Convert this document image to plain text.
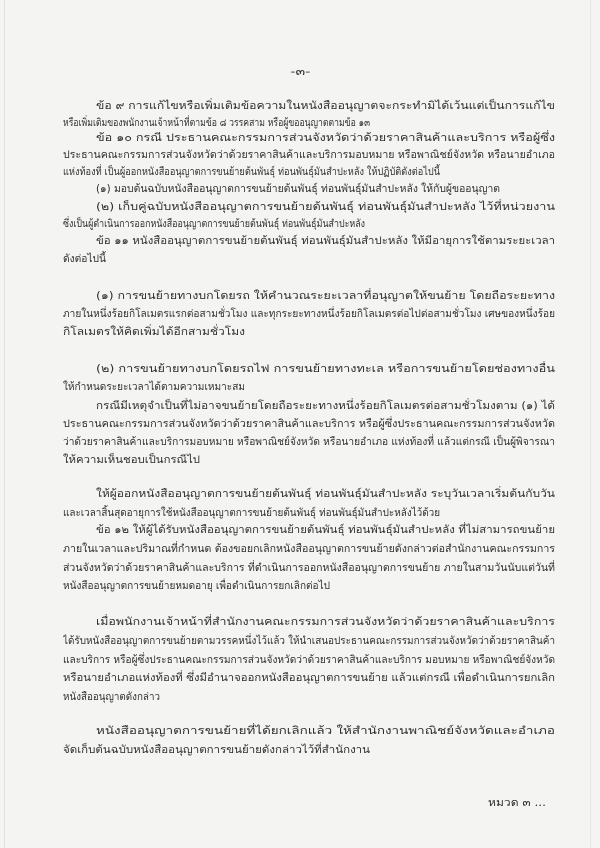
-๓-
ข้อ ๙ การแก้ไขหรือเพิ่มเติมข้อความในหนังสืออนุญาตจะกระทำมิได้เว้นแต่เป็นการแก้ไข
หรือเพิ่มเติมของพนักงานเจ้าหน้าที่ตามข้อ ๘ วรรคสาม หรือผู้ขออนุญาตตามข้อ ๑๓
ข้อ ๑๐ กรณี ประธานคณะกรรมการส่วนจังหวัดว่าด้วยราคาสินค้าและบริการ หรือผู้ซึ่ง
ประธานคณะกรรมการส่วนจังหวัดว่าด้วยราคาสินค้าและบริการมอบหมาย หรือพาณิชย์จังหวัด หรือนายอำเภอ
แห่งท้องที่ เป็นผู้ออกหนังสืออนุญาตการขนย้ายต้นพันธุ์ ท่อนพันธุ์มันสำปะหลัง ให้ปฏิบัติดังต่อไปนี้
(๑) มอบต้นฉบับหนังสืออนุญาตการขนย้ายต้นพันธุ์ ท่อนพันธุ์มันสำปะหลัง ให้กับผู้ขออนุญาต
(๒) เก็บคู่ฉบับหนังสืออนุญาตการขนย้ายต้นพันธุ์ ท่อนพันธุ์มันสำปะหลัง ไว้ที่หน่วยงาน
ซึ่งเป็นผู้ดำเนินการออกหนังสืออนุญาตการขนย้ายต้นพันธุ์ ท่อนพันธุ์มันสำปะหลัง
ข้อ ๑๑ หนังสืออนุญาตการขนย้ายต้นพันธุ์ ท่อนพันธุ์มันสำปะหลัง ให้มีอายุการใช้ตามระยะเวลา
ดังต่อไปนี้
(๑) การขนย้ายทางบกโดยรถ ให้คำนวณระยะเวลาที่อนุญาตให้ขนย้าย โดยถือระยะทาง
ภายในหนึ่งร้อยกิโลเมตรแรกต่อสามชั่วโมง และทุกระยะทางหนึ่งร้อยกิโลเมตรต่อไปต่อสามชั่วโมง เศษของหนึ่งร้อย
กิโลเมตรให้คิดเพิ่มได้อีกสามชั่วโมง
(๒) การขนย้ายทางบกโดยรถไฟ การขนย้ายทางทะเล หรือการขนย้ายโดยช่องทางอื่น
ให้กำหนดระยะเวลาได้ตามความเหมาะสม
กรณีมีเหตุจำเป็นที่ไม่อาจขนย้ายโดยถือระยะทางหนึ่งร้อยกิโลเมตรต่อสามชั่วโมงตาม (๑) ได้
ประธานคณะกรรมการส่วนจังหวัดว่าด้วยราคาสินค้าและบริการ หรือผู้ซึ่งประธานคณะกรรมการส่วนจังหวัด
ว่าด้วยราคาสินค้าและบริการมอบหมาย หรือพาณิชย์จังหวัด หรือนายอำเภอ แห่งท้องที่ แล้วแต่กรณี เป็นผู้พิจารณา
ให้ความเห็นชอบเป็นกรณีไป
ให้ผู้ออกหนังสืออนุญาตการขนย้ายต้นพันธุ์ ท่อนพันธุ์มันสำปะหลัง ระบุวันเวลาเริ่มต้นกับวัน
และเวลาสิ้นสุดอายุการใช้หนังสืออนุญาตการขนย้ายต้นพันธุ์ ท่อนพันธุ์มันสำปะหลังไว้ด้วย
ข้อ ๑๒ ให้ผู้ได้รับหนังสืออนุญาตการขนย้ายต้นพันธุ์ ท่อนพันธุ์มันสำปะหลัง ที่ไม่สามารถขนย้าย
ภายในเวลาและปริมาณที่กำหนด ต้องขอยกเลิกหนังสืออนุญาตการขนย้ายดังกล่าวต่อสำนักงานคณะกรรมการ
ส่วนจังหวัดว่าด้วยราคาสินค้าและบริการ ที่ดำเนินการออกหนังสืออนุญาตการขนย้าย ภายในสามวันนับแต่วันที่
หนังสืออนุญาตการขนย้ายหมดอายุ เพื่อดำเนินการยกเลิกต่อไป
เมื่อพนักงานเจ้าหน้าที่สำนักงานคณะกรรมการส่วนจังหวัดว่าด้วยราคาสินค้าและบริการ
ได้รับหนังสืออนุญาตการขนย้ายตามวรรคหนึ่งไว้แล้ว ให้นำเสนอประธานคณะกรรมการส่วนจังหวัดว่าด้วยราคาสินค้า
และบริการ หรือผู้ซึ่งประธานคณะกรรมการส่วนจังหวัดว่าด้วยราคาสินค้าและบริการ มอบหมาย หรือพาณิชย์จังหวัด
หรือนายอำเภอแห่งท้องที่ ซึ่งมีอำนาจออกหนังสืออนุญาตการขนย้าย แล้วแต่กรณี เพื่อดำเนินการยกเลิก
หนังสืออนุญาตดังกล่าว
หนังสืออนุญาตการขนย้ายที่ได้ยกเลิกแล้ว ให้สำนักงานพาณิชย์จังหวัดและอำเภอ
จัดเก็บต้นฉบับหนังสืออนุญาตการขนย้ายดังกล่าวไว้ที่สำนักงาน
หมวด ๓ ...
